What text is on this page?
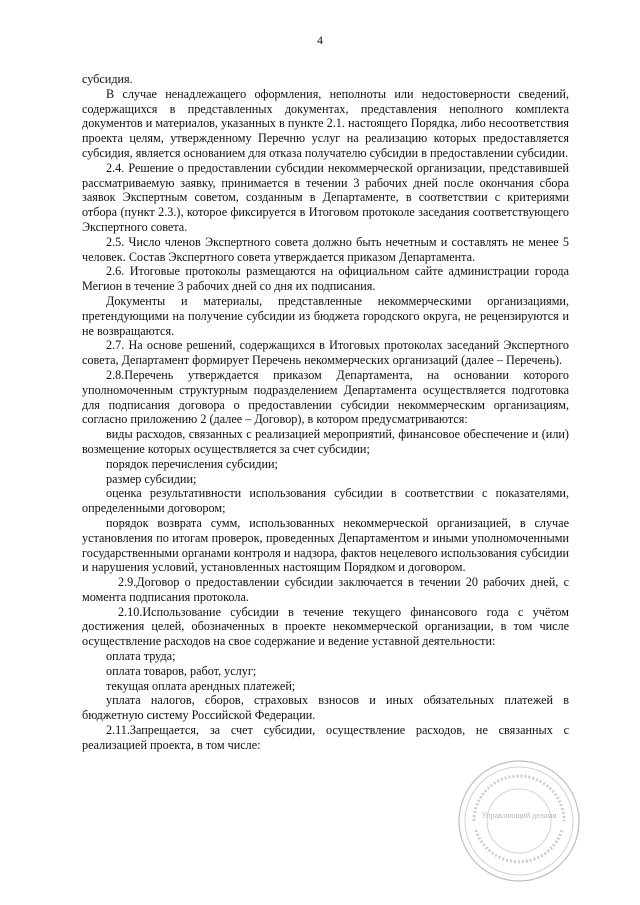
4

субсидия.

В случае ненадлежащего оформления, неполноты или недостоверности сведений, содержащихся в представленных документах, представления неполного комплекта документов и материалов, указанных в пункте 2.1. настоящего Порядка, либо несоответствия проекта целям, утвержденному Перечню услуг на реализацию которых предоставляется субсидия, является основанием для отказа получателю субсидии в предоставлении субсидии.

2.4. Решение о предоставлении субсидии некоммерческой организации, представившей рассматриваемую заявку, принимается в течении 3 рабочих дней после окончания сбора заявок Экспертным советом, созданным в Департаменте, в соответствии с критериями отбора (пункт 2.3.), которое фиксируется в Итоговом протоколе заседания соответствующего Экспертного совета.

2.5. Число членов Экспертного совета должно быть нечетным и составлять не менее 5 человек. Состав Экспертного совета утверждается приказом Департамента.

2.6. Итоговые протоколы размещаются на официальном сайте администрации города Мегион в течение 3 рабочих дней со дня их подписания.

Документы и материалы, представленные некоммерческими организациями, претендующими на получение субсидии из бюджета городского округа, не рецензируются и не возвращаются.

2.7. На основе решений, содержащихся в Итоговых протоколах заседаний Экспертного совета, Департамент формирует Перечень некоммерческих организаций (далее – Перечень).

2.8.Перечень утверждается приказом Департамента, на основании которого уполномоченным структурным подразделением Департамента осуществляется подготовка для подписания договора о предоставлении субсидии некоммерческим организациям, согласно приложению 2 (далее – Договор), в котором предусматриваются:

виды расходов, связанных с реализацией мероприятий, финансовое обеспечение и (или) возмещение которых осуществляется за счет субсидии;

порядок перечисления субсидии;

размер субсидии;

оценка результативности использования субсидии в соответствии с показателями, определенными договором;

порядок возврата сумм, использованных некоммерческой организацией, в случае установления по итогам проверок, проведенных Департаментом и иными уполномоченными государственными органами контроля и надзора, фактов нецелевого использования субсидии и нарушения условий, установленных настоящим Порядком и договором.

2.9.Договор о предоставлении субсидии заключается в течении 20 рабочих дней, с момента подписания протокола.

2.10.Использование субсидии в течение текущего финансового года с учётом достижения целей, обозначенных в проекте некоммерческой организации, в том числе осуществление расходов на свое содержание и ведение уставной деятельности:

оплата труда;

оплата товаров, работ, услуг;

текущая оплата арендных платежей;

уплата налогов, сборов, страховых взносов и иных обязательных платежей в бюджетную систему Российской Федерации.

2.11.Запрещается, за счет субсидии, осуществление расходов, не связанных с реализацией проекта, в том числе:

Управляющий делами
